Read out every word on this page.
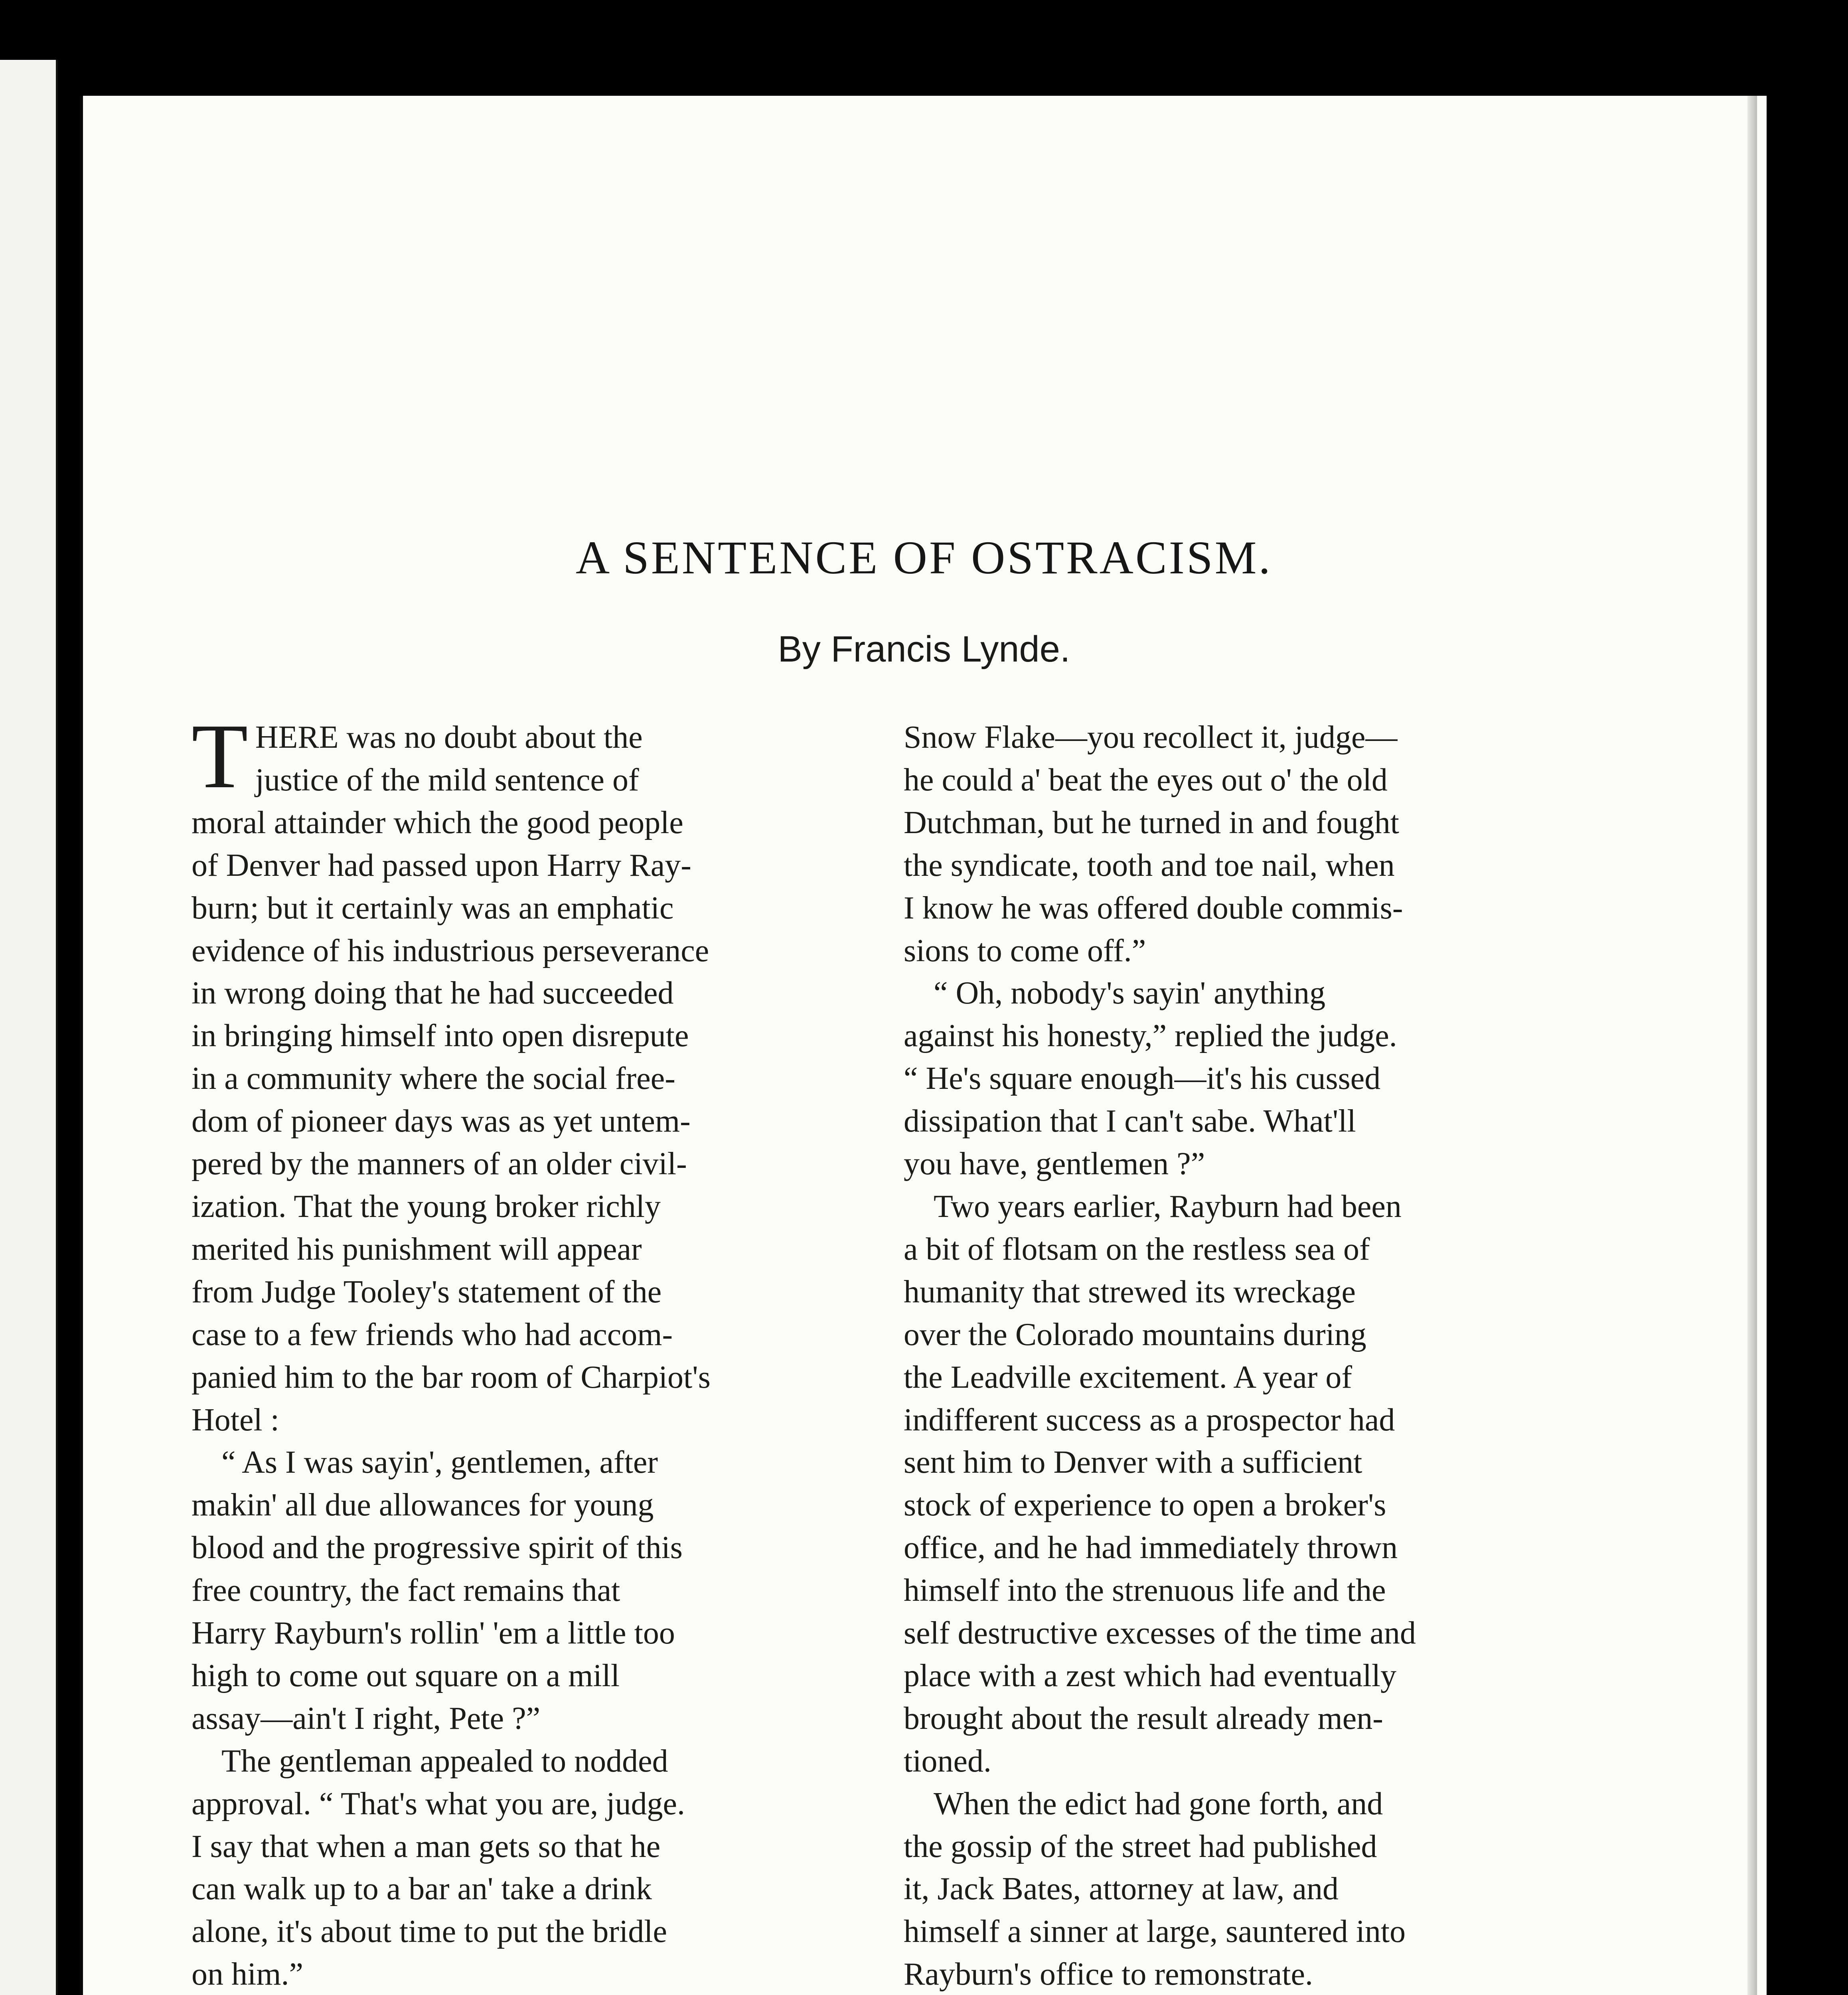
A SENTENCE OF OSTRACISM.
By Francis Lynde.

THERE was no doubt about the
justice of the mild sentence of
moral attainder which the good people
of Denver had passed upon Harry Ray-
burn; but it certainly was an emphatic
evidence of his industrious perseverance
in wrong doing that he had succeeded
in bringing himself into open disrepute
in a community where the social free-
dom of pioneer days was as yet untem-
pered by the manners of an older civil-
ization. That the young broker richly
merited his punishment will appear
from Judge Tooley's statement of the
case to a few friends who had accom-
panied him to the bar room of Charpiot's
Hotel :

“ As I was sayin', gentlemen, after
makin' all due allowances for young
blood and the progressive spirit of this
free country, the fact remains that
Harry Rayburn's rollin' 'em a little too
high to come out square on a mill
assay—ain't I right, Pete ?”

The gentleman appealed to nodded
approval. “ That's what you are, judge.
I say that when a man gets so that he
can walk up to a bar an' take a drink
alone, it's about time to put the bridle
on him.”

Snow Flake—you recollect it, judge—
he could a' beat the eyes out o' the old
Dutchman, but he turned in and fought
the syndicate, tooth and toe nail, when
I know he was offered double commis-
sions to come off.”

“ Oh, nobody's sayin' anything
against his honesty,” replied the judge.
“ He's square enough—it's his cussed
dissipation that I can't sabe. What'll
you have, gentlemen ?”

Two years earlier, Rayburn had been
a bit of flotsam on the restless sea of
humanity that strewed its wreckage
over the Colorado mountains during
the Leadville excitement. A year of
indifferent success as a prospector had
sent him to Denver with a sufficient
stock of experience to open a broker's
office, and he had immediately thrown
himself into the strenuous life and the
self destructive excesses of the time and
place with a zest which had eventually
brought about the result already men-
tioned.

When the edict had gone forth, and
the gossip of the street had published
it, Jack Bates, attorney at law, and
himself a sinner at large, sauntered into
Rayburn's office to remonstrate.
